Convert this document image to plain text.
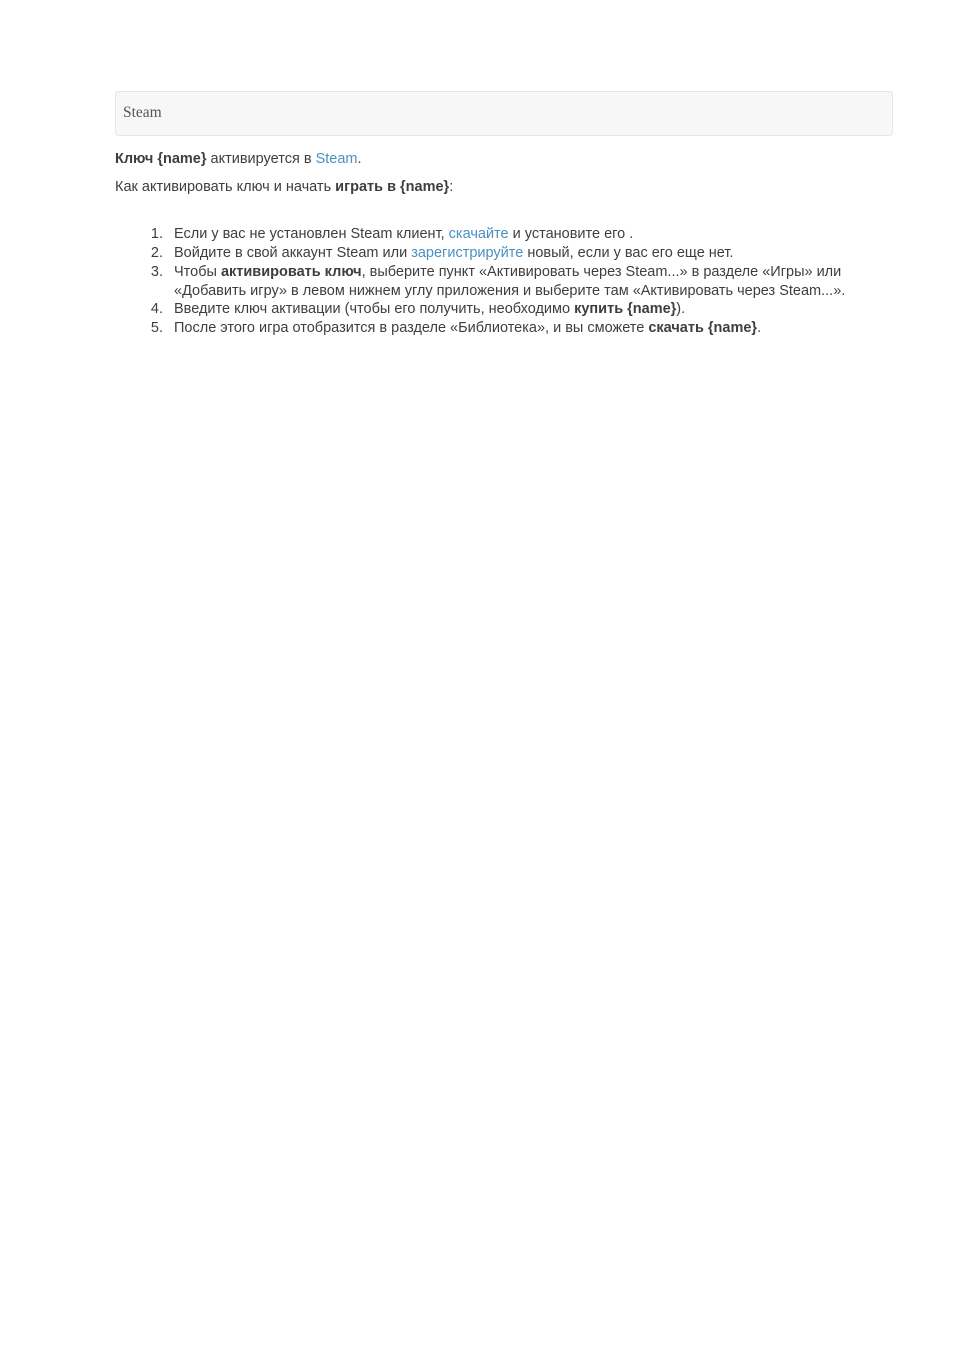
Steam

Ключ {name} активируется в Steam.

Как активировать ключ и начать играть в {name}:

Если у вас не установлен Steam клиент, скачайте и установите его .
Войдите в свой аккаунт Steam или зарегистрируйте новый, если у вас его еще нет.
Чтобы активировать ключ, выберите пункт «Активировать через Steam...» в разделе «Игры» или «Добавить игру» в левом нижнем углу приложения и выберите там «Активировать через Steam...».
Введите ключ активации (чтобы его получить, необходимо купить {name}).
После этого игра отобразится в разделе «Библиотека», и вы сможете скачать {name}.
